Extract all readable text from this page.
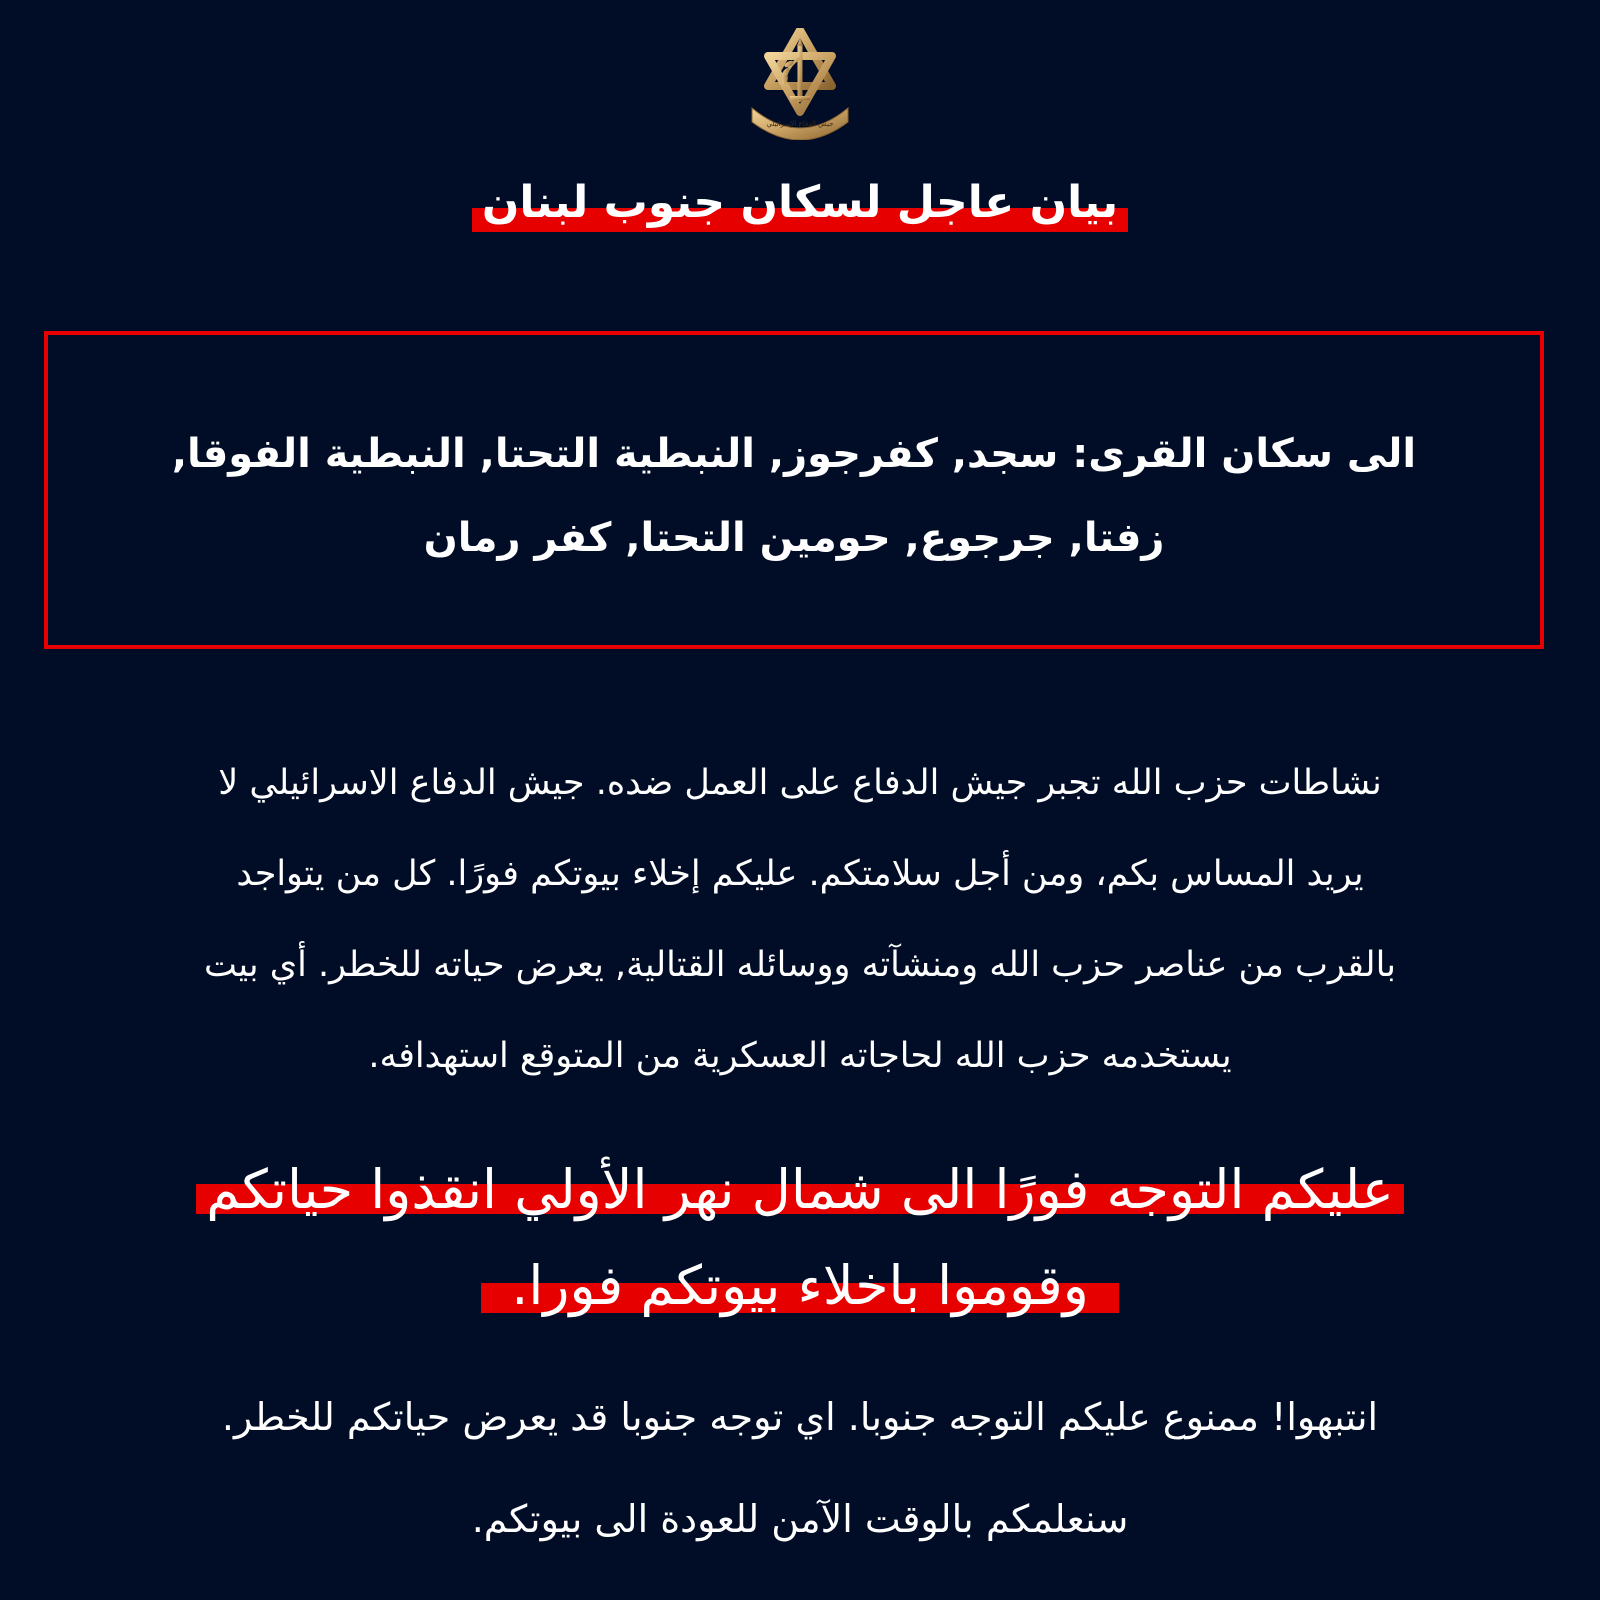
جيش الدفاع الإسرائيلي
بيان عاجل لسكان جنوب لبنان
الى سكان القرى: سجد, كفرجوز, النبطية التحتا, النبطية الفوقا,
زفتا, جرجوع, حومين التحتا, كفر رمان
نشاطات حزب الله تجبر جيش الدفاع على العمل ضده. جيش الدفاع الاسرائيلي لا
يريد المساس بكم، ومن أجل سلامتكم. عليكم إخلاء بيوتكم فورًا. كل من يتواجد
بالقرب من عناصر حزب الله ومنشآته ووسائله القتالية, يعرض حياته للخطر. أي بيت
يستخدمه حزب الله لحاجاته العسكرية من المتوقع استهدافه.
عليكم التوجه فورًا الى شمال نهر الأولي انقذوا حياتكم
وقوموا باخلاء بيوتكم فورا.
انتبهوا! ممنوع عليكم التوجه جنوبا. اي توجه جنوبا قد يعرض حياتكم للخطر.
سنعلمكم بالوقت الآمن للعودة الى بيوتكم.
